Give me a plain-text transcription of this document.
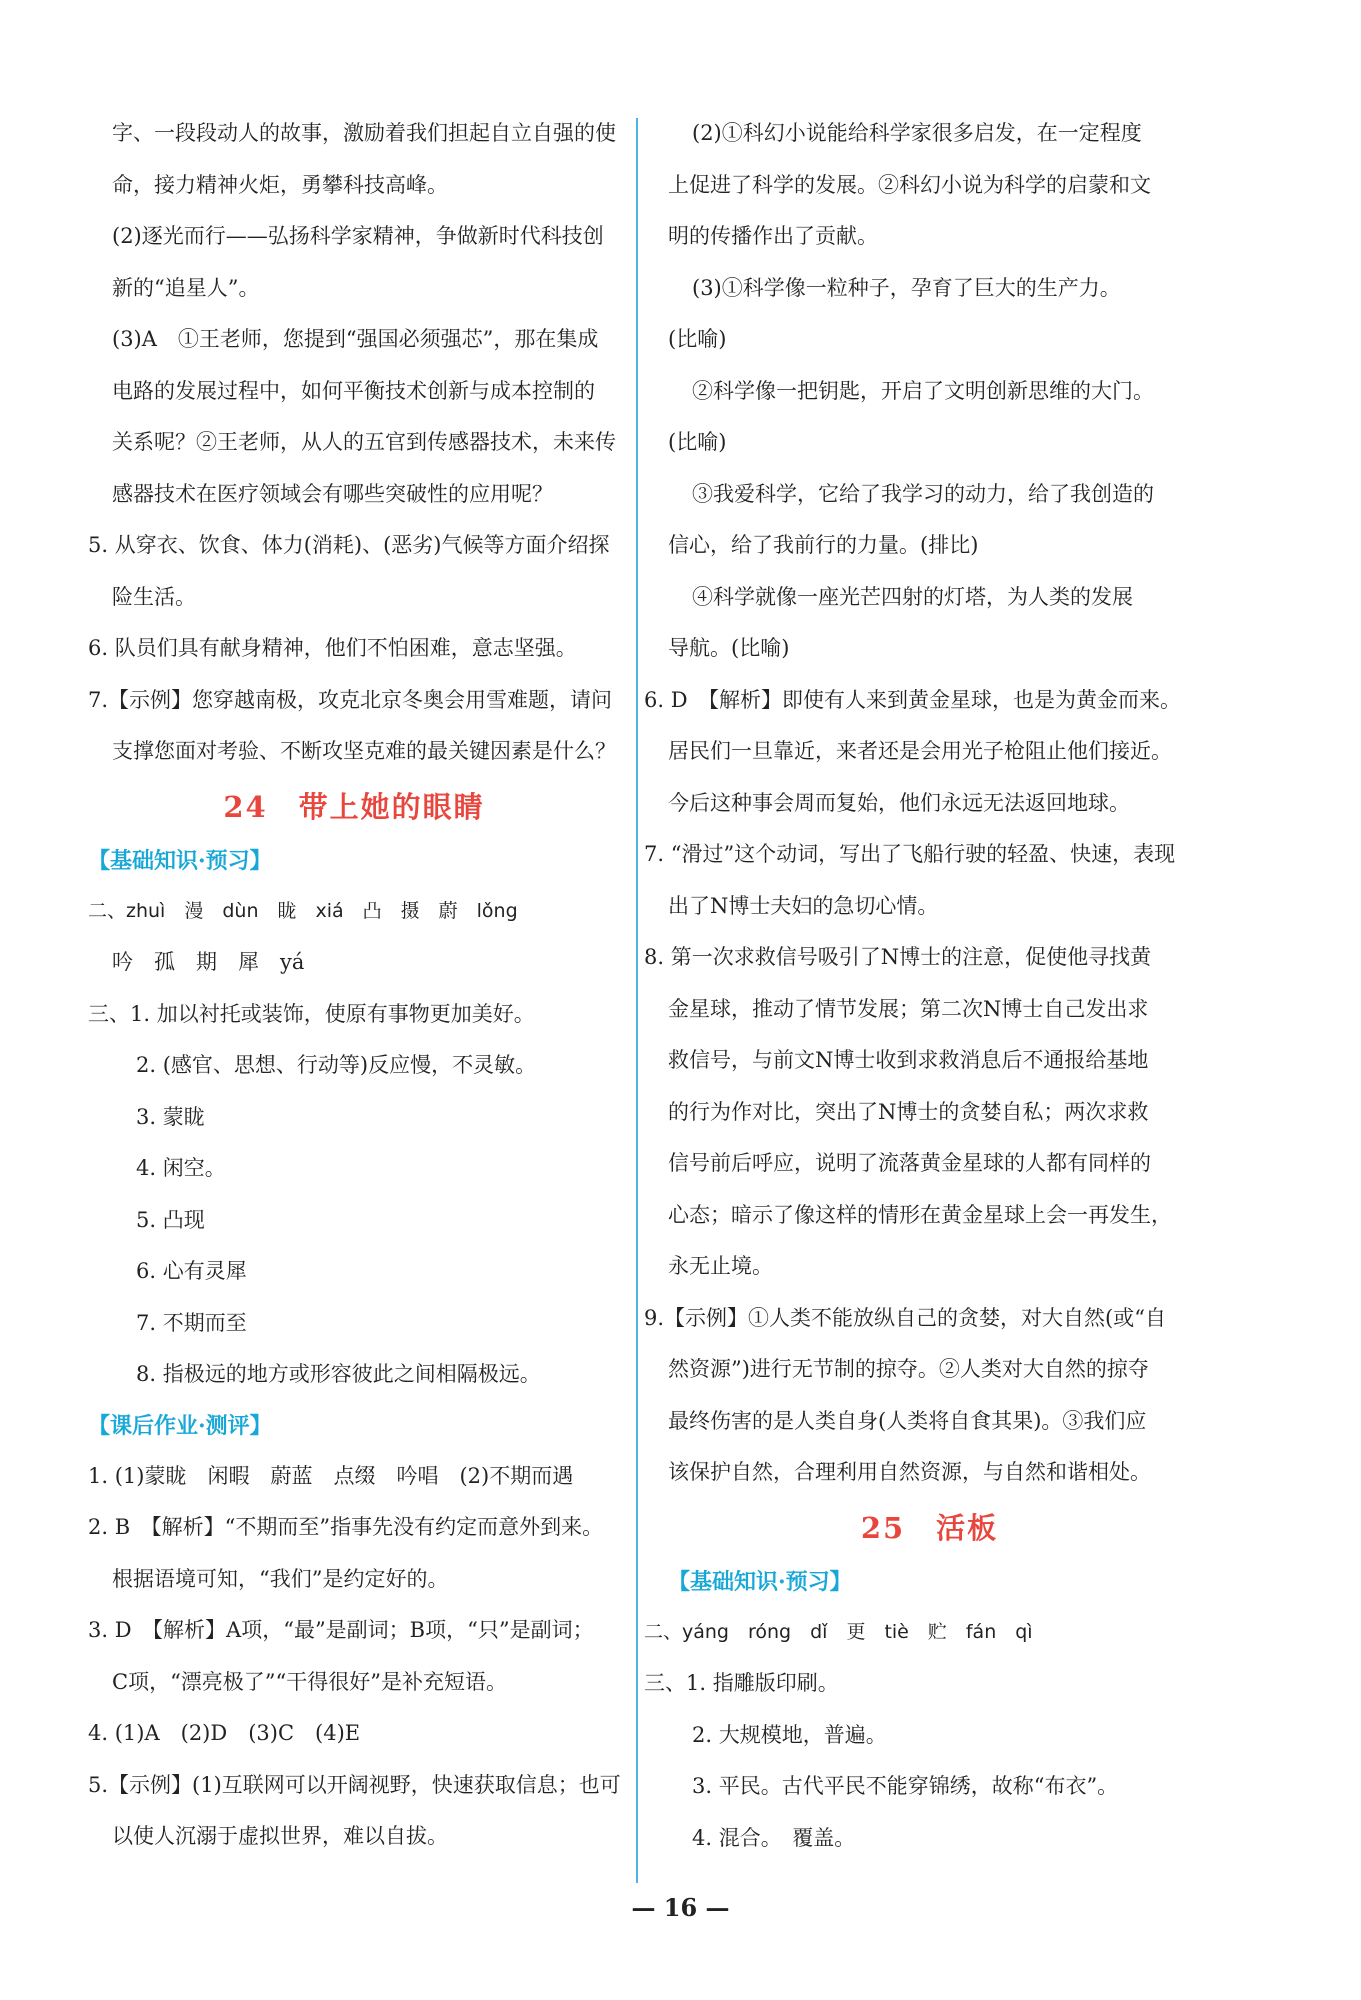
字、一段段动人的故事，激励着我们担起自立自强的使
命，接力精神火炬，勇攀科技高峰。
(2)逐光而行——弘扬科学家精神，争做新时代科技创
新的“追星人”。
(3)A　①王老师，您提到“强国必须强芯”，那在集成
电路的发展过程中，如何平衡技术创新与成本控制的
关系呢？②王老师，从人的五官到传感器技术，未来传
感器技术在医疗领域会有哪些突破性的应用呢？
5. 从穿衣、饮食、体力(消耗)、(恶劣)气候等方面介绍探
险生活。
6. 队员们具有献身精神，他们不怕困难，意志坚强。
7.【示例】您穿越南极，攻克北京冬奥会用雪难题，请问
支撑您面对考验、不断攻坚克难的最关键因素是什么？
24　带上她的眼睛
【基础知识·预习】
二、zhuì　漫　dùn　眬　xiá　凸　摄　蔚　lǒng
吟　孤　期　犀　yá
三、1. 加以衬托或装饰，使原有事物更加美好。
2. (感官、思想、行动等)反应慢，不灵敏。
3. 蒙眬
4. 闲空。
5. 凸现
6. 心有灵犀
7. 不期而至
8. 指极远的地方或形容彼此之间相隔极远。
【课后作业·测评】
1. (1)蒙眬　闲暇　蔚蓝　点缀　吟唱　(2)不期而遇
2. B　【解析】“不期而至”指事先没有约定而意外到来。
根据语境可知，“我们”是约定好的。
3. D　【解析】A项，“最”是副词；B项，“只”是副词；
C项，“漂亮极了”“干得很好”是补充短语。
4. (1)A　(2)D　(3)C　(4)E
5.【示例】(1)互联网可以开阔视野，快速获取信息；也可
以使人沉溺于虚拟世界，难以自拔。
(2)①科幻小说能给科学家很多启发，在一定程度
上促进了科学的发展。②科幻小说为科学的启蒙和文
明的传播作出了贡献。
(3)①科学像一粒种子，孕育了巨大的生产力。
(比喻)
②科学像一把钥匙，开启了文明创新思维的大门。
(比喻)
③我爱科学，它给了我学习的动力，给了我创造的
信心，给了我前行的力量。(排比)
④科学就像一座光芒四射的灯塔，为人类的发展
导航。(比喻)
6. D　【解析】即使有人来到黄金星球，也是为黄金而来。
居民们一旦靠近，来者还是会用光子枪阻止他们接近。
今后这种事会周而复始，他们永远无法返回地球。
7. “滑过”这个动词，写出了飞船行驶的轻盈、快速，表现
出了N博士夫妇的急切心情。
8. 第一次求救信号吸引了N博士的注意，促使他寻找黄
金星球，推动了情节发展；第二次N博士自己发出求
救信号，与前文N博士收到求救消息后不通报给基地
的行为作对比，突出了N博士的贪婪自私；两次求救
信号前后呼应，说明了流落黄金星球的人都有同样的
心态；暗示了像这样的情形在黄金星球上会一再发生，
永无止境。
9.【示例】①人类不能放纵自己的贪婪，对大自然(或“自
然资源”)进行无节制的掠夺。②人类对大自然的掠夺
最终伤害的是人类自身(人类将自食其果)。③我们应
该保护自然，合理利用自然资源，与自然和谐相处。
25　活板
【基础知识·预习】
二、yáng　róng　dǐ　更　tiè　贮　fán　qì
三、1. 指雕版印刷。
2. 大规模地，普遍。
3. 平民。古代平民不能穿锦绣，故称“布衣”。
4. 混合。　覆盖。
— 16 —
